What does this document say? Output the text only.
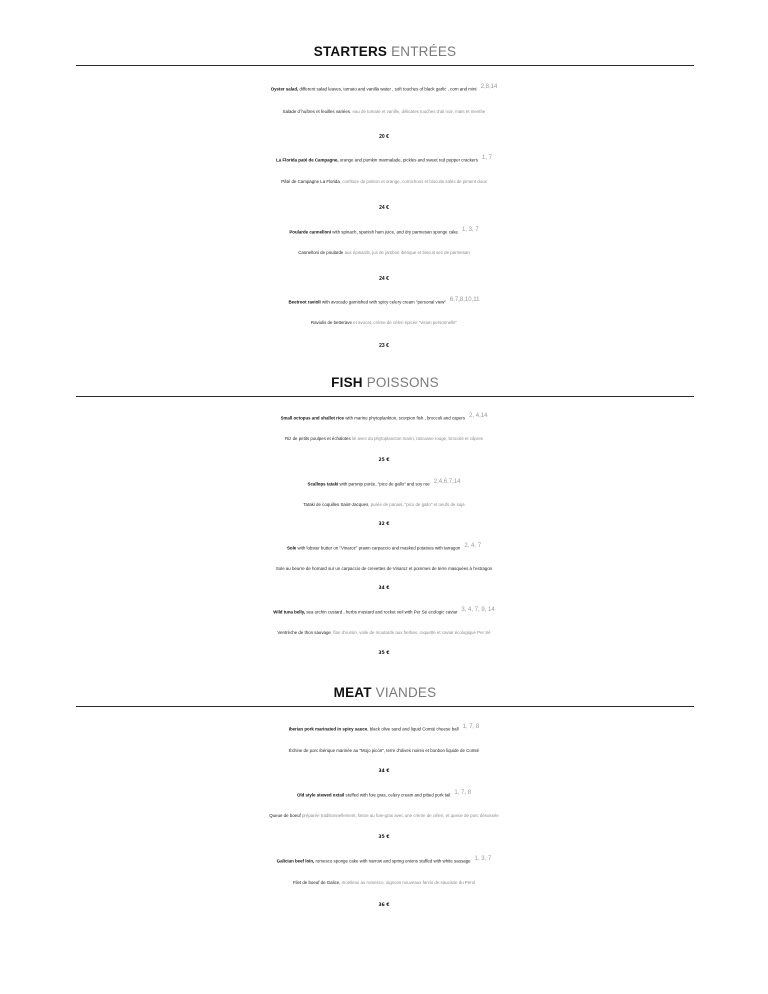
STARTERS ENTRÉES
Oyster salad, different salad leaves, tomato and vanilla water , soft touches of black garlic , corn and mint 2,8,14
Salade d´huîtres et feuilles variées, eau de tomate et vanille, délicates touches d'ail noir, maïs et menthe
20 €
La Florida paté de Campagne, orange and pumkin marmalade, pickles and sweet red pepper crackers 1, 7
Pâté de Campagne La Florida, confiture de potiron et orange, cornichons et biscuits salés de piment doux
24 €
Poularde cannelloni with spinach, spanish ham juice, and dry parmesan sponge cake 1, 3, 7
Cannelloni de poularde aux épinards, jus de jambon ibérique et biscuit sec de parmesan
24 €
Beetroot ravioli with avocado garnished with spicy celery cream "personal view" 6,7,8,10,11
Raviolis de betterave et avocat, crème de céleri épicée "vision personnelle"
23 €
FISH POISSONS
Small octopus and shallot rice with marine phytoplankton, scorpion fish , broccoli and capers 2, 4,14
Riz de petits poulpes et échalotes lié avec du phytoplancton marin, rascasse rouge, brocolis et câpres
25 €
Scallops tataki with parsnip purée, "pico de gallo" and soy roe 2,4,6,7,14
Tataki de coquilles Saint-Jacques, purée de panais, "pico de gallo" et oeufs de soja
32 €
Sole with lobster butter on "Vinaroz" prawn carpaccio and masked potatoes with tarragon 2, 4, 7
Sole au beurre de homard sur un carpaccio de crevettes de Vinaroz et pommes de terre masquées à l'estragon
34 €
Wild tuna belly, sea urchin custard , herbs mustard and rocket veil with Per Sé ecologic caviar 3, 4, 7, 9, 14
Ventrèche de thon sauvage, flan d'oursin, voile de moutarde aux herbes, roquette et caviar écologique Per Sé
35 €
MEAT VIANDES
Iberian pork marinated in spicy sauce, black olive sand and liquid Comté cheese ball 1, 7, 8
Échine de porc ibérique marinée au "Mojo picón", terre d'olives noires et bonbon liquide de Comté
34 €
Old style stewed oxtail stuffed with foie gras, celery cream and pitted pork tail 1, 7, 8
Queue de boeuf préparée traditionnellement, farcie au foie-gras avec une crème de céleri, et queue de porc désossée
35 €
Galician beef loin, romesco sponge cake with narrow and spring onions stuffed with white sausage 1, 3, 7
Filet de boeuf de Galice, moelleux au romesco, oignons nouveaux farcis de saucisse du Perol
36 €
